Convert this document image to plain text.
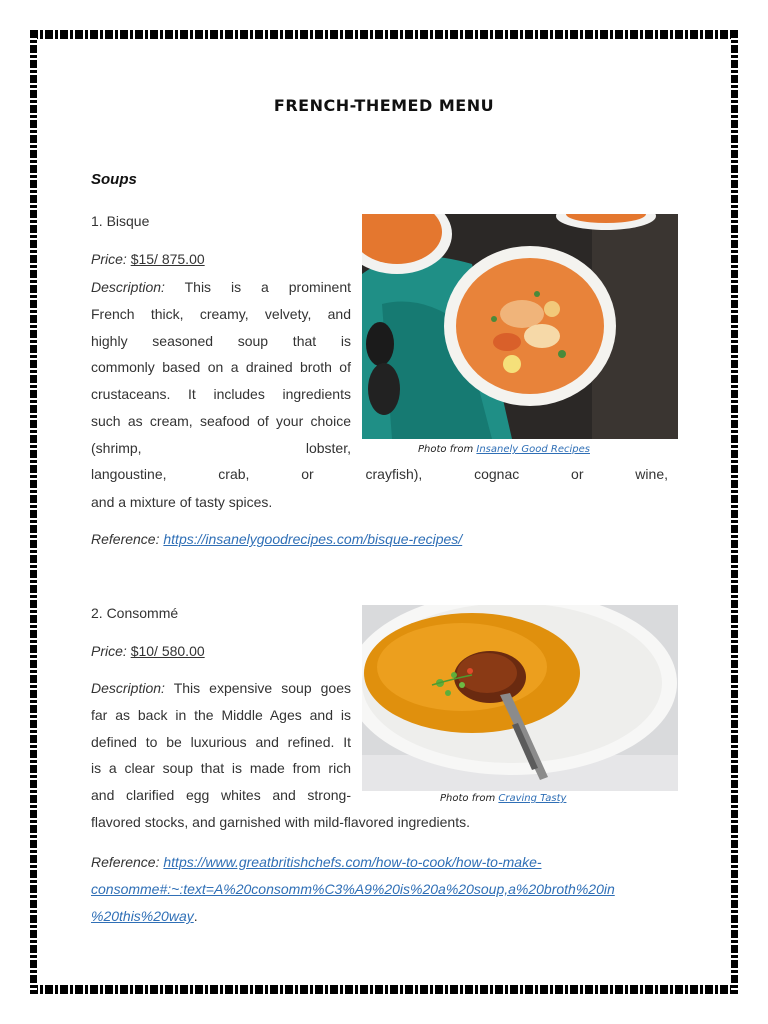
FRENCH-THEMED MENU
Soups
1. Bisque
Price: $15/ 875.00

Description: This is a prominent
French thick, creamy, velvety, and
highly seasoned soup that is
commonly based on a drained broth of
crustaceans. It includes ingredients
such as cream, seafood of your choice
(shrimp, lobster,

langoustine, crab, or crayfish), cognac or wine,

and a mixture of tasty spices.
Photo from Insanely Good Recipes
Reference: https://insanelygoodrecipes.com/bisque-recipes/
2. Consommé
Price: $10/ 580.00

Description: This expensive soup goes
far as back in the Middle Ages and is
defined to be luxurious and refined. It
is a clear soup that is made from rich
and clarified egg whites and strong-

flavored stocks, and garnished with mild-flavored ingredients.
Photo from Craving Tasty
Reference: https://www.greatbritishchefs.com/how-to-cook/how-to-make-
consomme#:~:text=A%20consomm%C3%A9%20is%20a%20soup,a%20broth%20in
%20this%20way.
